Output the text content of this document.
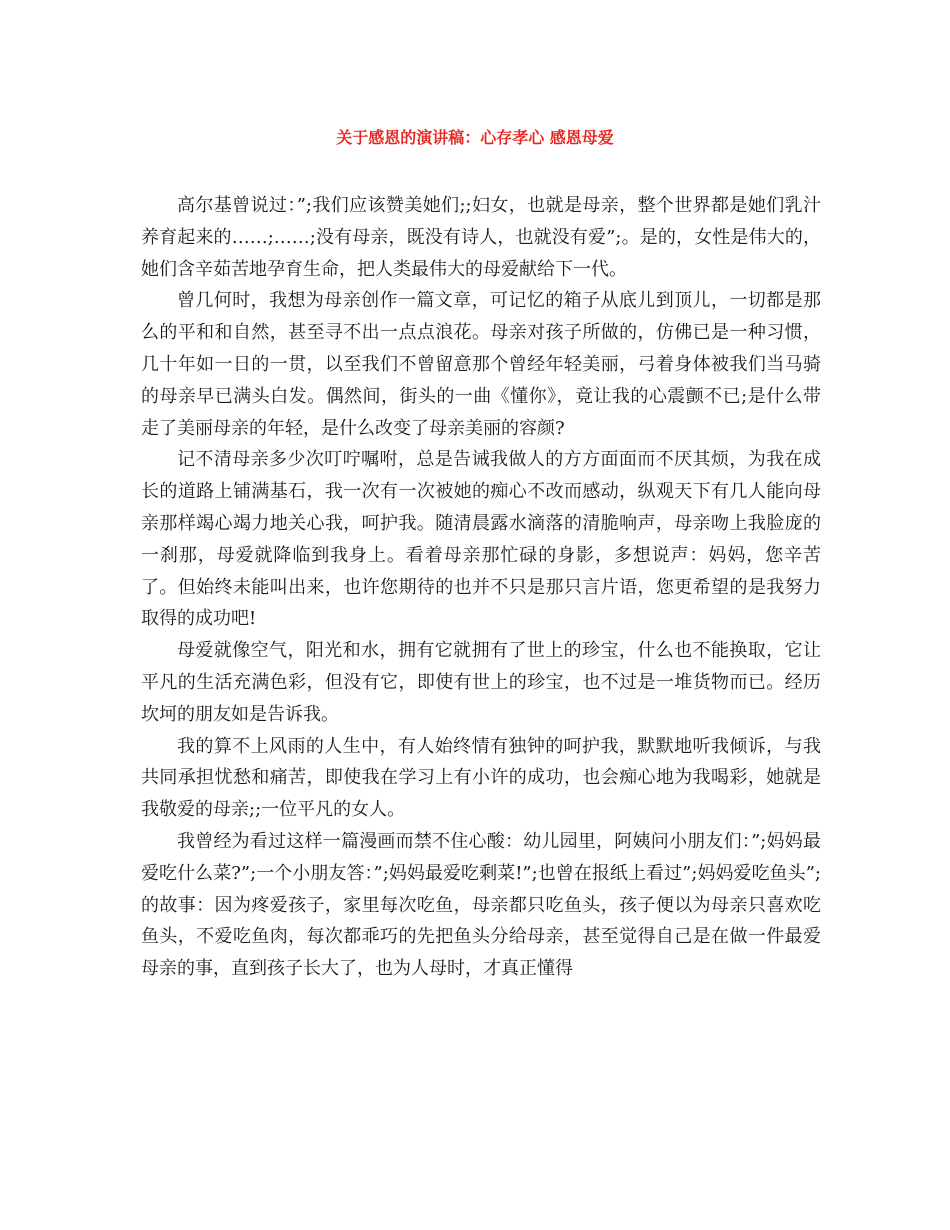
关于感恩的演讲稿：心存孝心 感恩母爱

高尔基曾说过：”;我们应该赞美她们;;妇女，也就是母亲，整个世界都是她们乳汁养育起来的……;……;没有母亲，既没有诗人，也就没有爱”;。是的，女性是伟大的，她们含辛茹苦地孕育生命，把人类最伟大的母爱献给下一代。

曾几何时，我想为母亲创作一篇文章，可记忆的箱子从底儿到顶儿，一切都是那么的平和和自然，甚至寻不出一点点浪花。母亲对孩子所做的，仿佛已是一种习惯，几十年如一日的一贯，以至我们不曾留意那个曾经年轻美丽，弓着身体被我们当马骑的母亲早已满头白发。偶然间，街头的一曲《懂你》，竟让我的心震颤不已;是什么带走了美丽母亲的年轻，是什么改变了母亲美丽的容颜?

记不清母亲多少次叮咛嘱咐，总是告诫我做人的方方面面而不厌其烦，为我在成长的道路上铺满基石，我一次有一次被她的痴心不改而感动，纵观天下有几人能向母亲那样竭心竭力地关心我，呵护我。随清晨露水滴落的清脆响声，母亲吻上我脸庞的一刹那，母爱就降临到我身上。看着母亲那忙碌的身影，多想说声：妈妈，您辛苦了。但始终未能叫出来，也许您期待的也并不只是那只言片语，您更希望的是我努力取得的成功吧!

母爱就像空气，阳光和水，拥有它就拥有了世上的珍宝，什么也不能换取，它让平凡的生活充满色彩，但没有它，即使有世上的珍宝，也不过是一堆货物而已。经历坎坷的朋友如是告诉我。

我的算不上风雨的人生中，有人始终情有独钟的呵护我，默默地听我倾诉，与我共同承担忧愁和痛苦，即使我在学习上有小许的成功，也会痴心地为我喝彩，她就是我敬爱的母亲;;一位平凡的女人。

我曾经为看过这样一篇漫画而禁不住心酸：幼儿园里，阿姨问小朋友们：”;妈妈最爱吃什么菜?”;一个小朋友答：”;妈妈最爱吃剩菜!”;也曾在报纸上看过”;妈妈爱吃鱼头”;的故事：因为疼爱孩子，家里每次吃鱼，母亲都只吃鱼头，孩子便以为母亲只喜欢吃鱼头，不爱吃鱼肉，每次都乖巧的先把鱼头分给母亲，甚至觉得自己是在做一件最爱母亲的事，直到孩子长大了，也为人母时，才真正懂得
